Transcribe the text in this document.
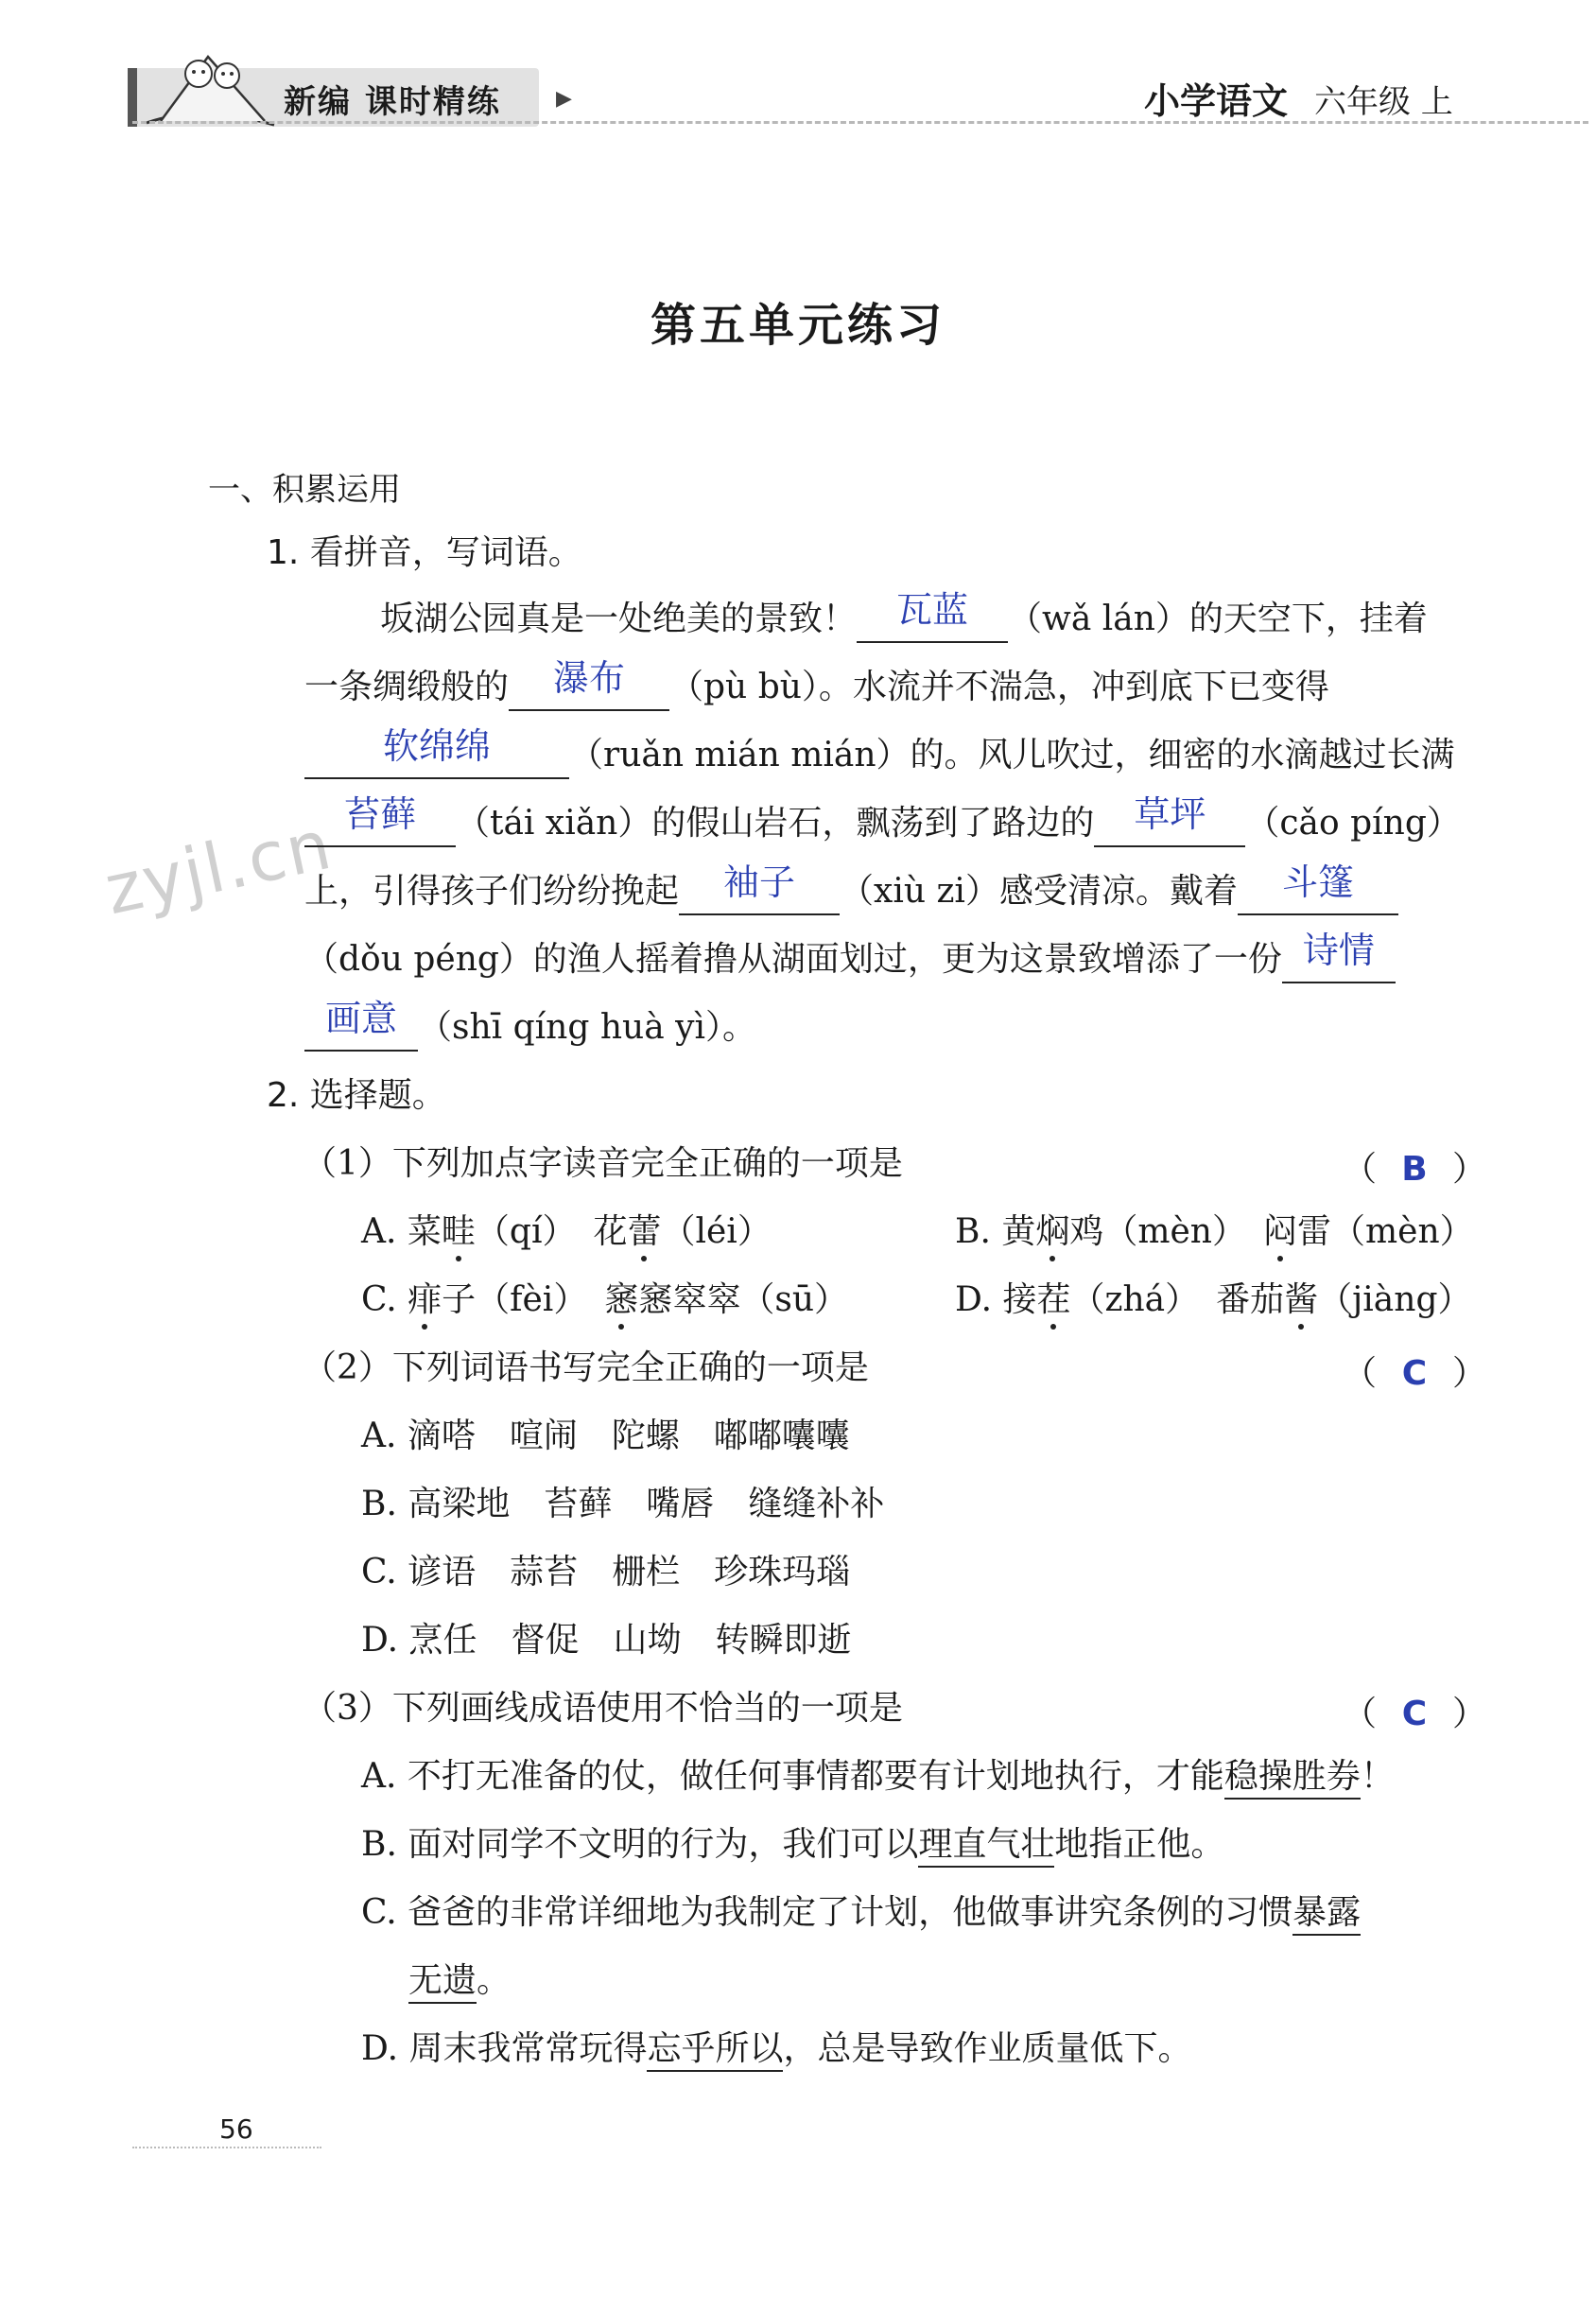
新编 课时精练	▶	小学语文 六年级 上
zyjl.cn
第五单元练习
一、积累运用
1. 看拼音，写词语。
坂湖公园真是一处绝美的景致！	瓦蓝	（wǎ lán）的天空下，挂着
一条绸缎般的	瀑布	（pù bù）。水流并不湍急，冲到底下已变得
软绵绵	（ruǎn mián mián）的。风儿吹过，细密的水滴越过长满
苔藓	（tái xiǎn）的假山岩石，飘荡到了路边的	草坪	（cǎo píng）
上，引得孩子们纷纷挽起	袖子	（xiù zi）感受清凉。戴着	斗篷

（dǒu péng）的渔人摇着撸从湖面划过，更为这景致增添了一份 诗情

画意 （shī qíng huà yì）。
2. 选择题。
（1）下列加点字读音完全正确的一项是	（ B ）
A. 菜畦（qí）　花蕾（léi）	B. 黄焖鸡（mèn）　闷雷（mèn）
C. 痱子（fèi）　窸窸窣窣（sū）	D. 接茬（zhá）　番茄酱（jiàng）
（2）下列词语书写完全正确的一项是	（ C ）
A. 滴嗒　喧闹　陀螺　嘟嘟囔囔
B. 高梁地　苔藓　嘴唇　缝缝补补
C. 谚语　蒜苔　栅栏　珍珠玛瑙
D. 烹任　督促　山坳　转瞬即逝
（3）下列画线成语使用不恰当的一项是	（ C ）
A. 不打无准备的仗，做任何事情都要有计划地执行，才能稳操胜券！
B. 面对同学不文明的行为，我们可以理直气壮地指正他。
C. 爸爸的非常详细地为我制定了计划，他做事讲究条例的习惯暴露
无遗。
D. 周末我常常玩得忘乎所以，总是导致作业质量低下。
56
